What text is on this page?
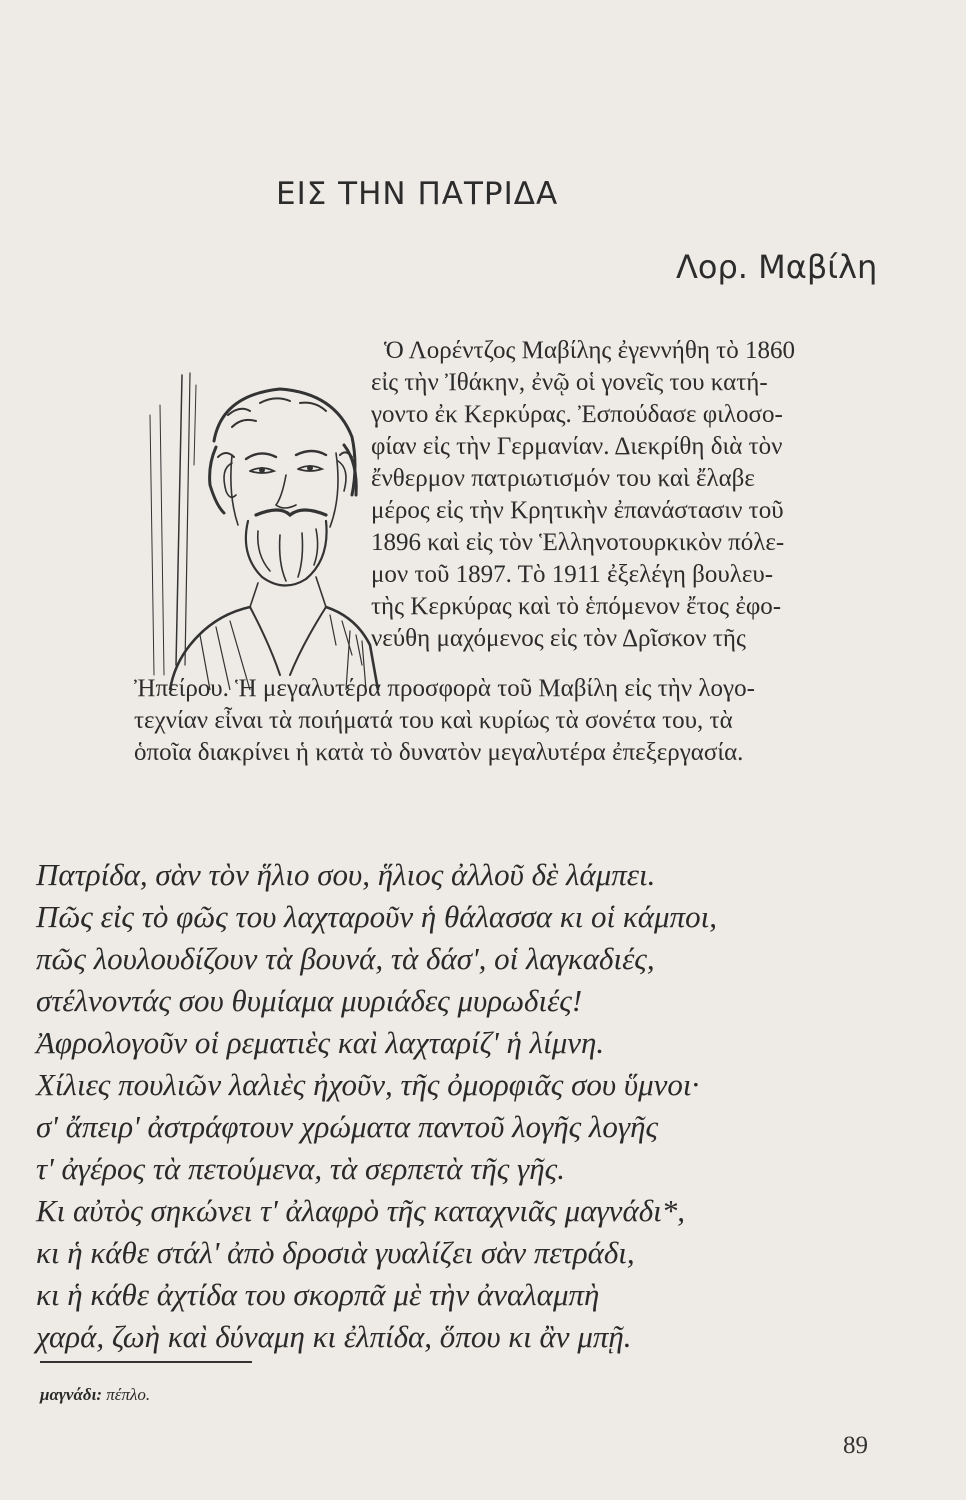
ΕΙΣ ΤΗΝ ΠΑΤΡΙΔΑ
Λορ. Μαβίλη
Ὁ Λορέντζος Μαβίλης ἐγεννήθη τὸ 1860
εἰς τὴν Ἰθάκην, ἐνῷ οἱ γονεῖς του κατή-
γοντο ἐκ Κερκύρας. Ἐσπούδασε φιλοσο-
φίαν εἰς τὴν Γερμανίαν. Διεκρίθη διὰ τὸν
ἔνθερμον πατριωτισμόν του καὶ ἔλαβε
μέρος εἰς τὴν Κρητικὴν ἐπανάστασιν τοῦ
1896 καὶ εἰς τὸν Ἑλληνοτουρκικὸν πόλε-
μον τοῦ 1897. Τὸ 1911 ἐξελέγη βουλευ-
τὴς Κερκύρας καὶ τὸ ἑπόμενον ἔτος ἐφο-
νεύθη μαχόμενος εἰς τὸν Δρῖσκον τῆς
Ἠπείρου. Ἡ μεγαλυτέρα προσφορὰ τοῦ Μαβίλη εἰς τὴν λογο-
τεχνίαν εἶναι τὰ ποιήματά του καὶ κυρίως τὰ σονέτα του, τὰ
ὁποῖα διακρίνει ἡ κατὰ τὸ δυνατὸν μεγαλυτέρα ἐπεξεργασία.
Πατρίδα, σὰν τὸν ἥλιο σου, ἥλιος ἀλλοῦ δὲ λάμπει.
Πῶς εἰς τὸ φῶς του λαχταροῦν ἡ θάλασσα κι οἱ κάμποι,
πῶς λουλουδίζουν τὰ βουνά, τὰ δάσ', οἱ λαγκαδιές,
στέλνοντάς σου θυμίαμα μυριάδες μυρωδιές!
Ἀφρολογοῦν οἱ ρεματιὲς καὶ λαχταρίζ' ἡ λίμνη.
Χίλιες πουλιῶν λαλιὲς ἠχοῦν, τῆς ὀμορφιᾶς σου ὕμνοι·
σ' ἄπειρ' ἀστράφτουν χρώματα παντοῦ λογῆς λογῆς
τ' ἀγέρος τὰ πετούμενα, τὰ σερπετὰ τῆς γῆς.
Κι αὐτὸς σηκώνει τ' ἀλαφρὸ τῆς καταχνιᾶς μαγνάδι*,
κι ἡ κάθε στάλ' ἀπὸ δροσιὰ γυαλίζει σὰν πετράδι,
κι ἡ κάθε ἀχτίδα του σκορπᾶ μὲ τὴν ἀναλαμπὴ
χαρά, ζωὴ καὶ δύναμη κι ἐλπίδα, ὅπου κι ἂν μπῇ.
μαγνάδι: πέπλο.
89
